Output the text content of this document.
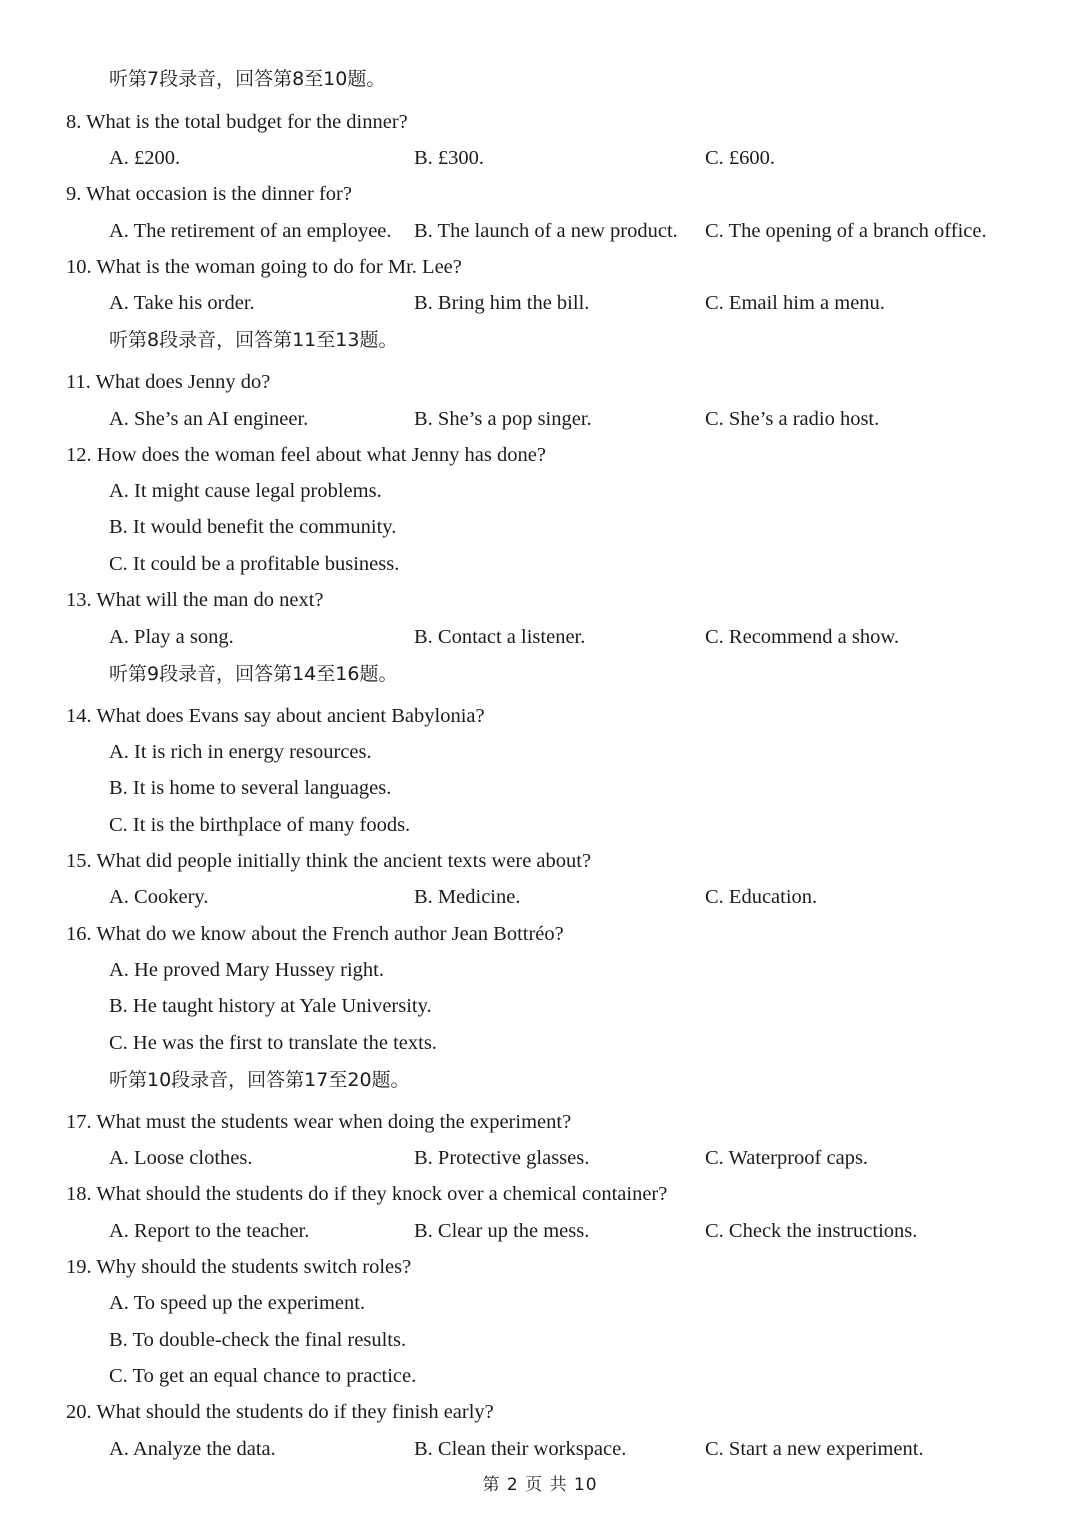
听第7段录音，回答第8至10题。
8. What is the total budget for the dinner?
A. £200.	B. £300.	C. £600.
9. What occasion is the dinner for?
A. The retirement of an employee. B. The launch of a new product. C. The opening of a branch office.
10. What is the woman going to do for Mr. Lee?
A. Take his order.	B. Bring him the bill.	C. Email him a menu.
听第8段录音，回答第11至13题。
11. What does Jenny do?
A. She’s an AI engineer.	B. She’s a pop singer.	C. She’s a radio host.
12. How does the woman feel about what Jenny has done?
A. It might cause legal problems.
B. It would benefit the community.
C. It could be a profitable business.
13. What will the man do next?
A. Play a song.	B. Contact a listener.	C. Recommend a show.
听第9段录音，回答第14至16题。
14. What does Evans say about ancient Babylonia?
A. It is rich in energy resources.
B. It is home to several languages.
C. It is the birthplace of many foods.
15. What did people initially think the ancient texts were about?
A. Cookery.	B. Medicine.	C. Education.
16. What do we know about the French author Jean Bottréo?
A. He proved Mary Hussey right.
B. He taught history at Yale University.
C. He was the first to translate the texts.
听第10段录音，回答第17至20题。
17. What must the students wear when doing the experiment?
A. Loose clothes.	B. Protective glasses.	C. Waterproof caps.
18. What should the students do if they knock over a chemical container?
A. Report to the teacher.	B. Clear up the mess.	C. Check the instructions.
19. Why should the students switch roles?
A. To speed up the experiment.
B. To double-check the final results.
C. To get an equal chance to practice.
20. What should the students do if they finish early?
A. Analyze the data.	B. Clean their workspace.	C. Start a new experiment.
第 2 页 共 10
